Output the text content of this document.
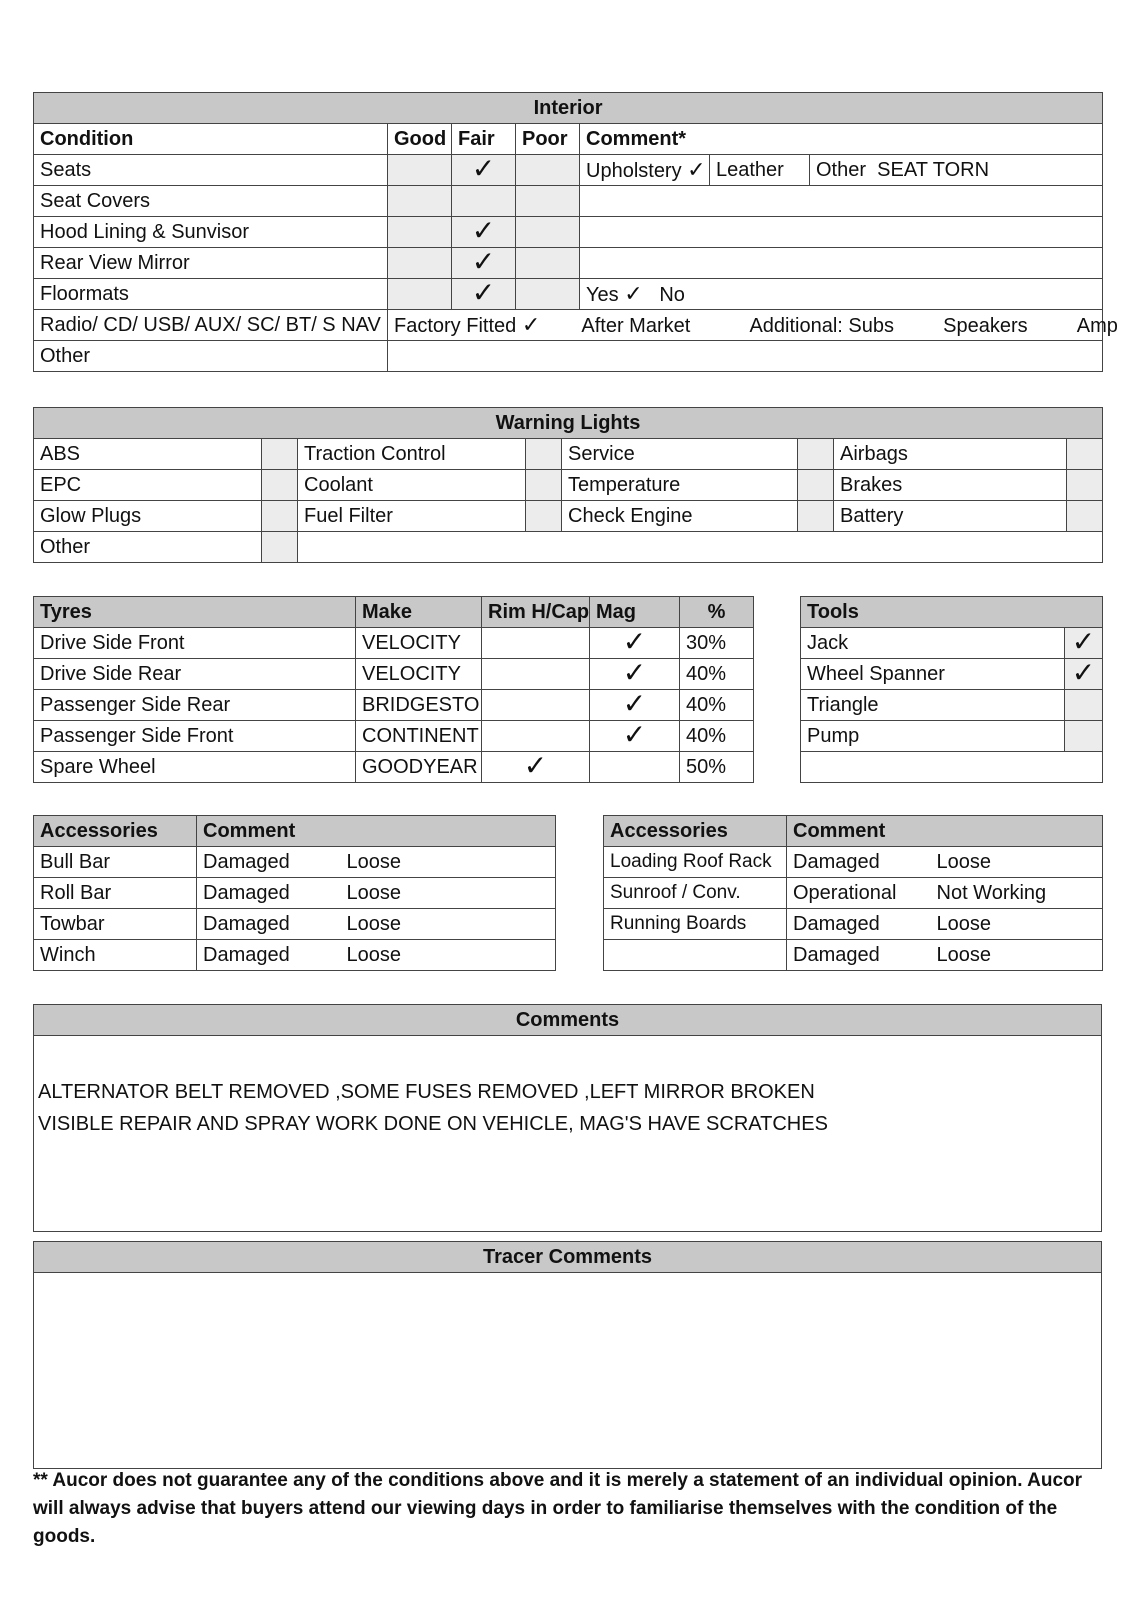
Interior						
Condition	Good	Fair	Poor	Comment*		
Seats		✓		Upholstery ✓	Leather	Other SEAT TORN
Seat Covers						
Hood Lining & Sunvisor		✓				
Rear View Mirror		✓				
Floormats		✓		Yes ✓ No		
Radio/ CD/ USB/ AUX/ SC/ BT/ S NAV	Factory Fitted ✓ After Market Additional: Subs Speakers Amp					
Other						
Warning Lights							
ABS		Traction Control		Service		Airbags	
EPC		Coolant		Temperature		Brakes	
Glow Plugs		Fuel Filter		Check Engine		Battery	
Other							
Tyres	Make	Rim H/Cap	Mag	%
Drive Side Front	VELOCITY		✓	30%
Drive Side Rear	VELOCITY		✓	40%
Passenger Side Rear	BRIDGESTO		✓	40%
Passenger Side Front	CONTINENT		✓	40%
Spare Wheel	GOODYEAR	✓		50%
Tools	
Jack	✓
Wheel Spanner	✓
Triangle	
Pump	

Accessories	Comment	
Bull Bar	Damaged	Loose
Roll Bar	Damaged	Loose
Towbar	Damaged	Loose
Winch	Damaged	Loose
Accessories	Comment	
Loading Roof Rack	Damaged	Loose
Sunroof / Conv.	Operational	Not Working
Running Boards	Damaged	Loose
	Damaged	Loose
Comments
ALTERNATOR BELT REMOVED ,SOME FUSES REMOVED ,LEFT MIRROR BROKEN
VISIBLE REPAIR AND SPRAY WORK DONE ON VEHICLE, MAG'S HAVE SCRATCHES
Tracer Comments
** Aucor does not guarantee any of the conditions above and it is merely a statement of an individual opinion. Aucor will always advise that buyers attend our viewing days in order to familiarise themselves with the condition of the goods.
